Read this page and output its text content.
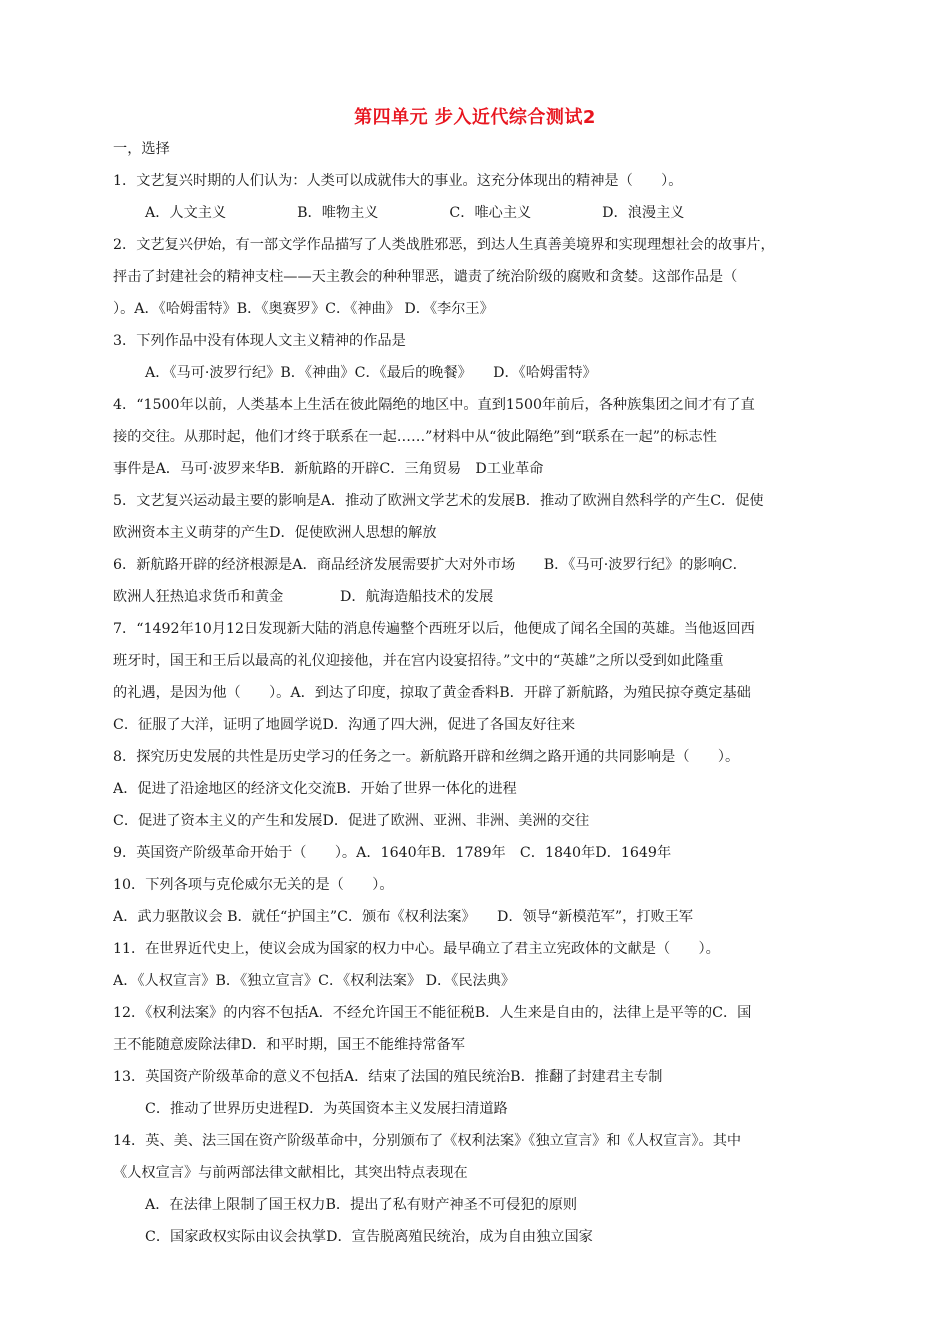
第四单元 步入近代综合测试2
一，选择
1．文艺复兴时期的人们认为：人类可以成就伟大的事业。这充分体现出的精神是（　　）。
A．人文主义　　　　　B．唯物主义　　　　　C．唯心主义　　　　　D．浪漫主义
2．文艺复兴伊始，有一部文学作品描写了人类战胜邪恶，到达人生真善美境界和实现理想社会的故事片，
抨击了封建社会的精神支柱——天主教会的种种罪恶，谴责了统治阶级的腐败和贪婪。这部作品是（
）。A．《哈姆雷特》B．《奥赛罗》C．《神曲》 D．《李尔王》
3．下列作品中没有体现人文主义精神的作品是
A．《马可·波罗行纪》B．《神曲》C．《最后的晚餐》　　D．《哈姆雷特》
4．“1500年以前，人类基本上生活在彼此隔绝的地区中。直到1500年前后，各种族集团之间才有了直
接的交往。从那时起，他们才终于联系在一起……”材料中从“彼此隔绝”到“联系在一起”的标志性
事件是A．马可·波罗来华B．新航路的开辟C．三角贸易　D工业革命
5．文艺复兴运动最主要的影响是A．推动了欧洲文学艺术的发展B．推动了欧洲自然科学的产生C．促使
欧洲资本主义萌芽的产生D．促使欧洲人思想的解放
6．新航路开辟的经济根源是A．商品经济发展需要扩大对外市场　　B．《马可·波罗行纪》的影响C．
欧洲人狂热追求货币和黄金　　　　D．航海造船技术的发展
7．“1492年10月12日发现新大陆的消息传遍整个西班牙以后，他便成了闻名全国的英雄。当他返回西
班牙时，国王和王后以最高的礼仪迎接他，并在宫内设宴招待。”文中的“英雄”之所以受到如此隆重
的礼遇，是因为他（　　）。A．到达了印度，掠取了黄金香料B．开辟了新航路，为殖民掠夺奠定基础
C．征服了大洋，证明了地圆学说D．沟通了四大洲，促进了各国友好往来
8．探究历史发展的共性是历史学习的任务之一。新航路开辟和丝绸之路开通的共同影响是（　　）。
A．促进了沿途地区的经济文化交流B．开始了世界一体化的进程
C．促进了资本主义的产生和发展D．促进了欧洲、亚洲、非洲、美洲的交往
9．英国资产阶级革命开始于（　　）。A．1640年B．1789年　C．1840年D．1649年
10．下列各项与克伦威尔无关的是（　　）。
A．武力驱散议会 B．就任“护国主”C．颁布《权利法案》　　D．领导“新模范军”，打败王军
11．在世界近代史上，使议会成为国家的权力中心。最早确立了君主立宪政体的文献是（　　）。
A．《人权宣言》B．《独立宣言》C．《权利法案》 D．《民法典》
12．《权利法案》的内容不包括A．不经允许国王不能征税B．人生来是自由的，法律上是平等的C．国
王不能随意废除法律D．和平时期，国王不能维持常备军
13．英国资产阶级革命的意义不包括A．结束了法国的殖民统治B．推翻了封建君主专制
C．推动了世界历史进程D．为英国资本主义发展扫清道路
14．英、美、法三国在资产阶级革命中，分别颁布了《权利法案》《独立宣言》和《人权宣言》。其中
《人权宣言》与前两部法律文献相比，其突出特点表现在
A．在法律上限制了国王权力B．提出了私有财产神圣不可侵犯的原则
C．国家政权实际由议会执掌D．宣告脱离殖民统治，成为自由独立国家
